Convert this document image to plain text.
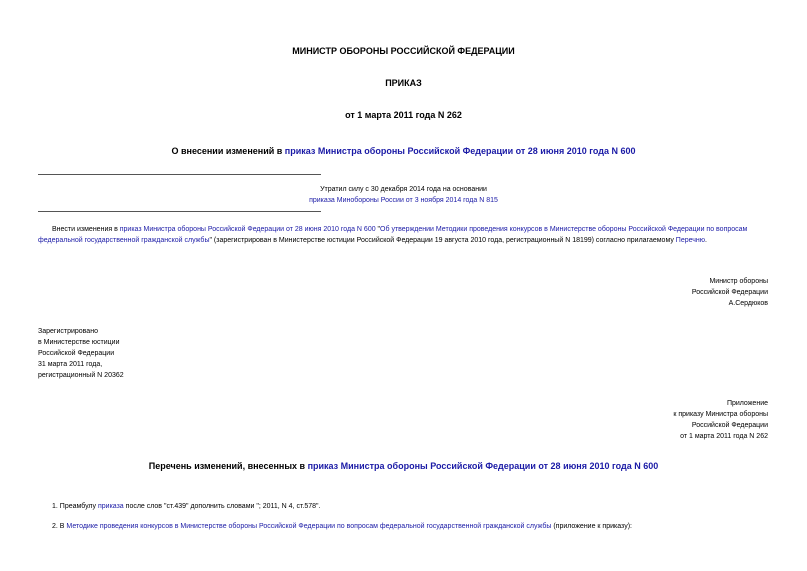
МИНИСТР ОБОРОНЫ РОССИЙСКОЙ ФЕДЕРАЦИИ
ПРИКАЗ
от 1 марта 2011 года N 262
О внесении изменений в приказ Министра обороны Российской Федерации от 28 июня 2010 года N 600
Утратил силу с 30 декабря 2014 года на основании
приказа Минобороны России от 3 ноября 2014 года N 815
Внести изменения в приказ Министра обороны Российской Федерации от 28 июня 2010 года N 600 "Об утверждении Методики проведения конкурсов в Министерстве обороны Российской Федерации по вопросам
федеральной государственной гражданской службы" (зарегистрирован в Министерстве юстиции Российской Федерации 19 августа 2010 года, регистрационный N 18199) согласно прилагаемому Перечню.
Министр обороны
Российской Федерации
А.Сердюков
Зарегистрировано
в Министерстве юстиции
Российской Федерации
31 марта 2011 года,
регистрационный N 20362
Приложение
к приказу Министра обороны
Российской Федерации
от 1 марта 2011 года N 262
Перечень изменений, внесенных в приказ Министра обороны Российской Федерации от 28 июня 2010 года N 600
1. Преамбулу приказа после слов "ст.439" дополнить словами "; 2011, N 4, ст.578".
2. В Методике проведения конкурсов в Министерстве обороны Российской Федерации по вопросам федеральной государственной гражданской службы (приложение к приказу):
